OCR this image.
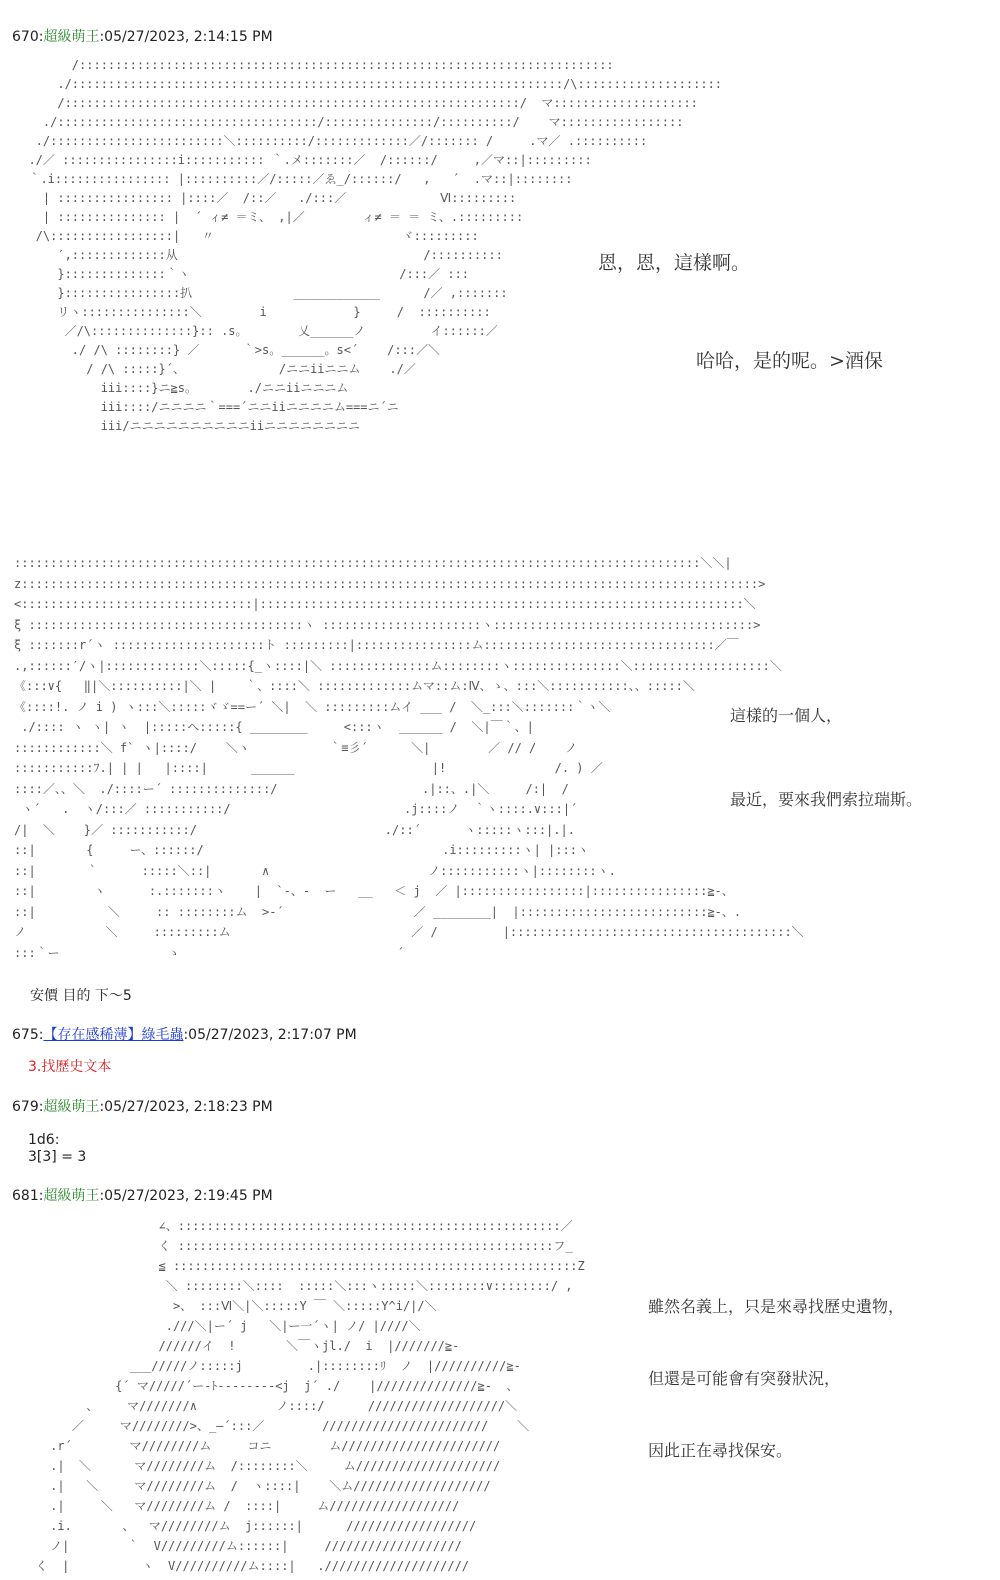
670:超級萌王:05/27/2023, 2:14:15 PM
/::::::::::::::::::::::::::::::::::::::::::::::::::::::::::::::::::::::::::
./::::::::::::::::::::::::::::::::::::::::::::::::::::::::::::::::::::/\::::::::::::::::::::
/:::::::::::::::::::::::::::::::::::::::::::::::::::::::::::::::/  マ::::::::::::::::::::
./::::::::::::::::::::::::::::::::::::/:::::::::::::::/::::::::::/    マ:::::::::::::::::
./::::::::::::::::::::::::＼::::::::::/:::::::::::::／/::::::: /     .マ／ .::::::::::
./／ ::::::::::::::::i::::::::::: ｀.メ:::::::／  /::::::/     ,／マ::|:::::::::
｀.i:::::::::::::::: |::::::::::／/:::::／ゑ_/::::::/   ,   ´  .マ::|::::::::
| :::::::::::::::: |::::／  /::／   ./:::／             Ⅵ:::::::::
| ::::::::::::::: |  ´ ィ≠ ＝ミ、 ,|／        ィ≠ ＝ ＝ ミ、.:::::::::
/\:::::::::::::::::|   〃                          ヾ:::::::::
′,:::::::::::::从                                  /::::::::::
}::::::::::::::｀ヽ                             /:::／ :::
}::::::::::::::::扒              ____________      /／ ,:::::::
リヽ:::::::::::::::＼        i            }     /  ::::::::::
／/\::::::::::::::}:: .s。       乂______ノ         イ::::::／
./ /\ ::::::::} ／      ｀>s。______。s<´    /:::／＼
/ /\ :::::}´、             /ニニiiニニム    ./／
iii::::}ニ≧s。       ./ニニiiニニニム
iii::::/ニニニニ｀===´ニニiiニニニニム===ニ´ニ
iii/ニニニニニニニニニニiiニニニニニニニニ
恩，恩，這樣啊。
哈哈，是的呢。>酒保
:::::::::::::::::::::::::::::::::::::::::::::::::::::::::::::::::::::::::::::::::::::::::::::::＼＼|
z::::::::::::::::::::::::::::::::::::::::::::::::::::::::::::::::::::::::::::::::::::::::::::::::::::::>
<::::::::::::::::::::::::::::::::|:::::::::::::::::::::::::::::::::::::::::::::::::::::::::::::::::::＼
ξ ::::::::::::::::::::::::::::::::::::::ヽ ::::::::::::::::::::::ヽ::::::::::::::::::::::::::::::::::::>
ξ :::::::r´ヽ :::::::::::::::::::::ト :::::::::|::::::::::::::::ム::::::::::::::::::::::::::::::::／￣
.,::::::′/ヽ|:::::::::::::＼:::::{_ヽ::::|＼ ::::::::::::::ム::::::::ヽ:::::::::::::::＼:::::::::::::::::::＼
《:::∨{   ‖|＼::::::::::|＼ |    ｀、::::＼ :::::::::::::ムマ::ム:Ⅳ、ゝ、:::＼:::::::::::、、:::::＼
《::::!. ノ i ) ヽ:::＼:::::ヾゞ==ー´ ＼|  ＼ :::::::::ムイ ___ /  ＼_:::＼:::::::｀ヽ＼
./:::: ヽ ヽ| ヽ  |:::::へ:::::{ ________     <:::ヽ  ______ /  ＼|￣｀、|
::::::::::::＼ f` ヽ|::::/    ＼ヽ           ｀≡彡´      ＼|        ／ // /    ノ
:::::::::::ﾌ.| | |   |::::|      ______                   |!               /. ) ／
::::／、、＼  ./::::ー´ ::::::::::::::/                    .|::、.|＼     /:|  /
ヽ´   .  ヽ/:::／ :::::::::::/                        .j::::ノ  ｀ヽ::::.∨:::|´
/|  ＼    }／ :::::::::::/                          ./::´      ヽ:::::ヽ:::|.|.
::|       {     ー、::::::/                                 .i:::::::::ヽ| |:::ヽ
::|       ｀      :::::＼::|       ∧                      ノ:::::::::::ヽ|::::::::ヽ.
::|        ヽ      :.:::::::ヽ    |  `-、-  ー   __   ＜ j  ／ |:::::::::::::::::|::::::::::::::::≧-、
::|          ＼     :: ::::::::ム  >-´                  ／ ________|  |::::::::::::::::::::::::::≧-、.
ノ           ＼     :::::::::ム                         ／ /         |:::::::::::::::::::::::::::::::::::::::＼
:::｀ー               ゝ                              ´
這樣的一個人，
最近，要來我們索拉瑞斯。
安價 目的 下～5
675:【存在感稀薄】綠毛蟲:05/27/2023, 2:17:07 PM
3.找歷史文本
679:超級萌王:05/27/2023, 2:18:23 PM
1d6:
3[3] = 3
681:超級萌王:05/27/2023, 2:19:45 PM
∠、:::::::::::::::::::::::::::::::::::::::::::::::::::::／
く ::::::::::::::::::::::::::::::::::::::::::::::::::::フ_
≦ ::::::::::::::::::::::::::::::::::::::::::::::::::::::::Z
＼ ::::::::＼::::  :::::＼:::ヽ:::::＼::::::::∨::::::::/ ,
>、 :::Ⅵ＼|＼:::::Y ￣ ＼:::::Y^i/|/＼
.///＼|ー´ j   ＼|ー一´ヽ| ノ/ |////＼
//////イ  !       ＼￣ヽjl./  i  |///////≧-
___/////ノ:::::j         .|::::::::ﾘ  ノ  |//////////≧-
{´ マ/////´ー‐ﾄ--------<j  j´ ./    |//////////////≧-  、
、    マ///////∧           ノ::::/      ///////////////////＼
／     マ////////>、_—´:::／        ///////////////////////    ＼
.r´        マ////////ム     コニ        ム//////////////////////
.|  ＼      マ////////ム  /::::::::＼     ム////////////////////
.|   ＼     マ////////ム  /  ヽ::::|    ＼ム///////////////////
.|     ＼   マ////////ム /  ::::|     ム//////////////////
.i.       、  マ////////ム  j::::::|      //////////////////
ノ|        ｀  V/////////ム::::::|     ///////////////////
く  |          ヽ  V//////////ム::::|   .////////////////////
雖然名義上，只是來尋找歷史遺物，
但還是可能會有突發狀況，
因此正在尋找保安。
